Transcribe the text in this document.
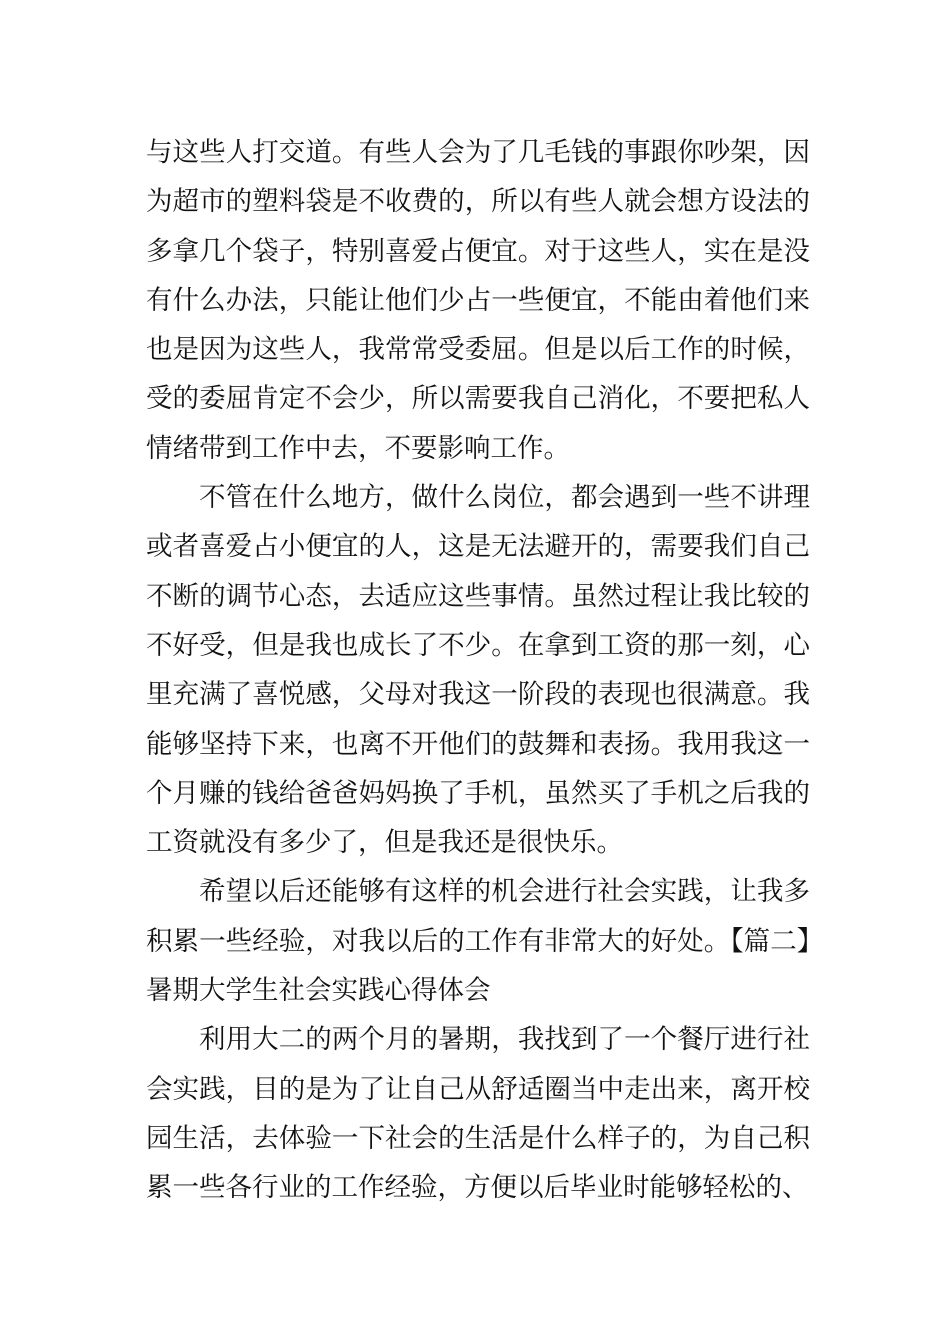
与这些人打交道。有些人会为了几毛钱的事跟你吵架，因为超市的塑料袋是不收费的，所以有些人就会想方设法的多拿几个袋子，特别喜爱占便宜。对于这些人，实在是没有什么办法，只能让他们少占一些便宜，不能由着他们来也是因为这些人，我常常受委屈。但是以后工作的时候，受的委屈肯定不会少，所以需要我自己消化，不要把私人情绪带到工作中去，不要影响工作。

不管在什么地方，做什么岗位，都会遇到一些不讲理或者喜爱占小便宜的人，这是无法避开的，需要我们自己不断的调节心态，去适应这些事情。虽然过程让我比较的不好受，但是我也成长了不少。在拿到工资的那一刻，心里充满了喜悦感，父母对我这一阶段的表现也很满意。我能够坚持下来，也离不开他们的鼓舞和表扬。我用我这一个月赚的钱给爸爸妈妈换了手机，虽然买了手机之后我的工资就没有多少了，但是我还是很快乐。

希望以后还能够有这样的机会进行社会实践，让我多积累一些经验，对我以后的工作有非常大的好处。【篇二】暑期大学生社会实践心得体会

利用大二的两个月的暑期，我找到了一个餐厅进行社会实践，目的是为了让自己从舒适圈当中走出来，离开校园生活，去体验一下社会的生活是什么样子的，为自己积累一些各行业的工作经验，方便以后毕业时能够轻松的、
